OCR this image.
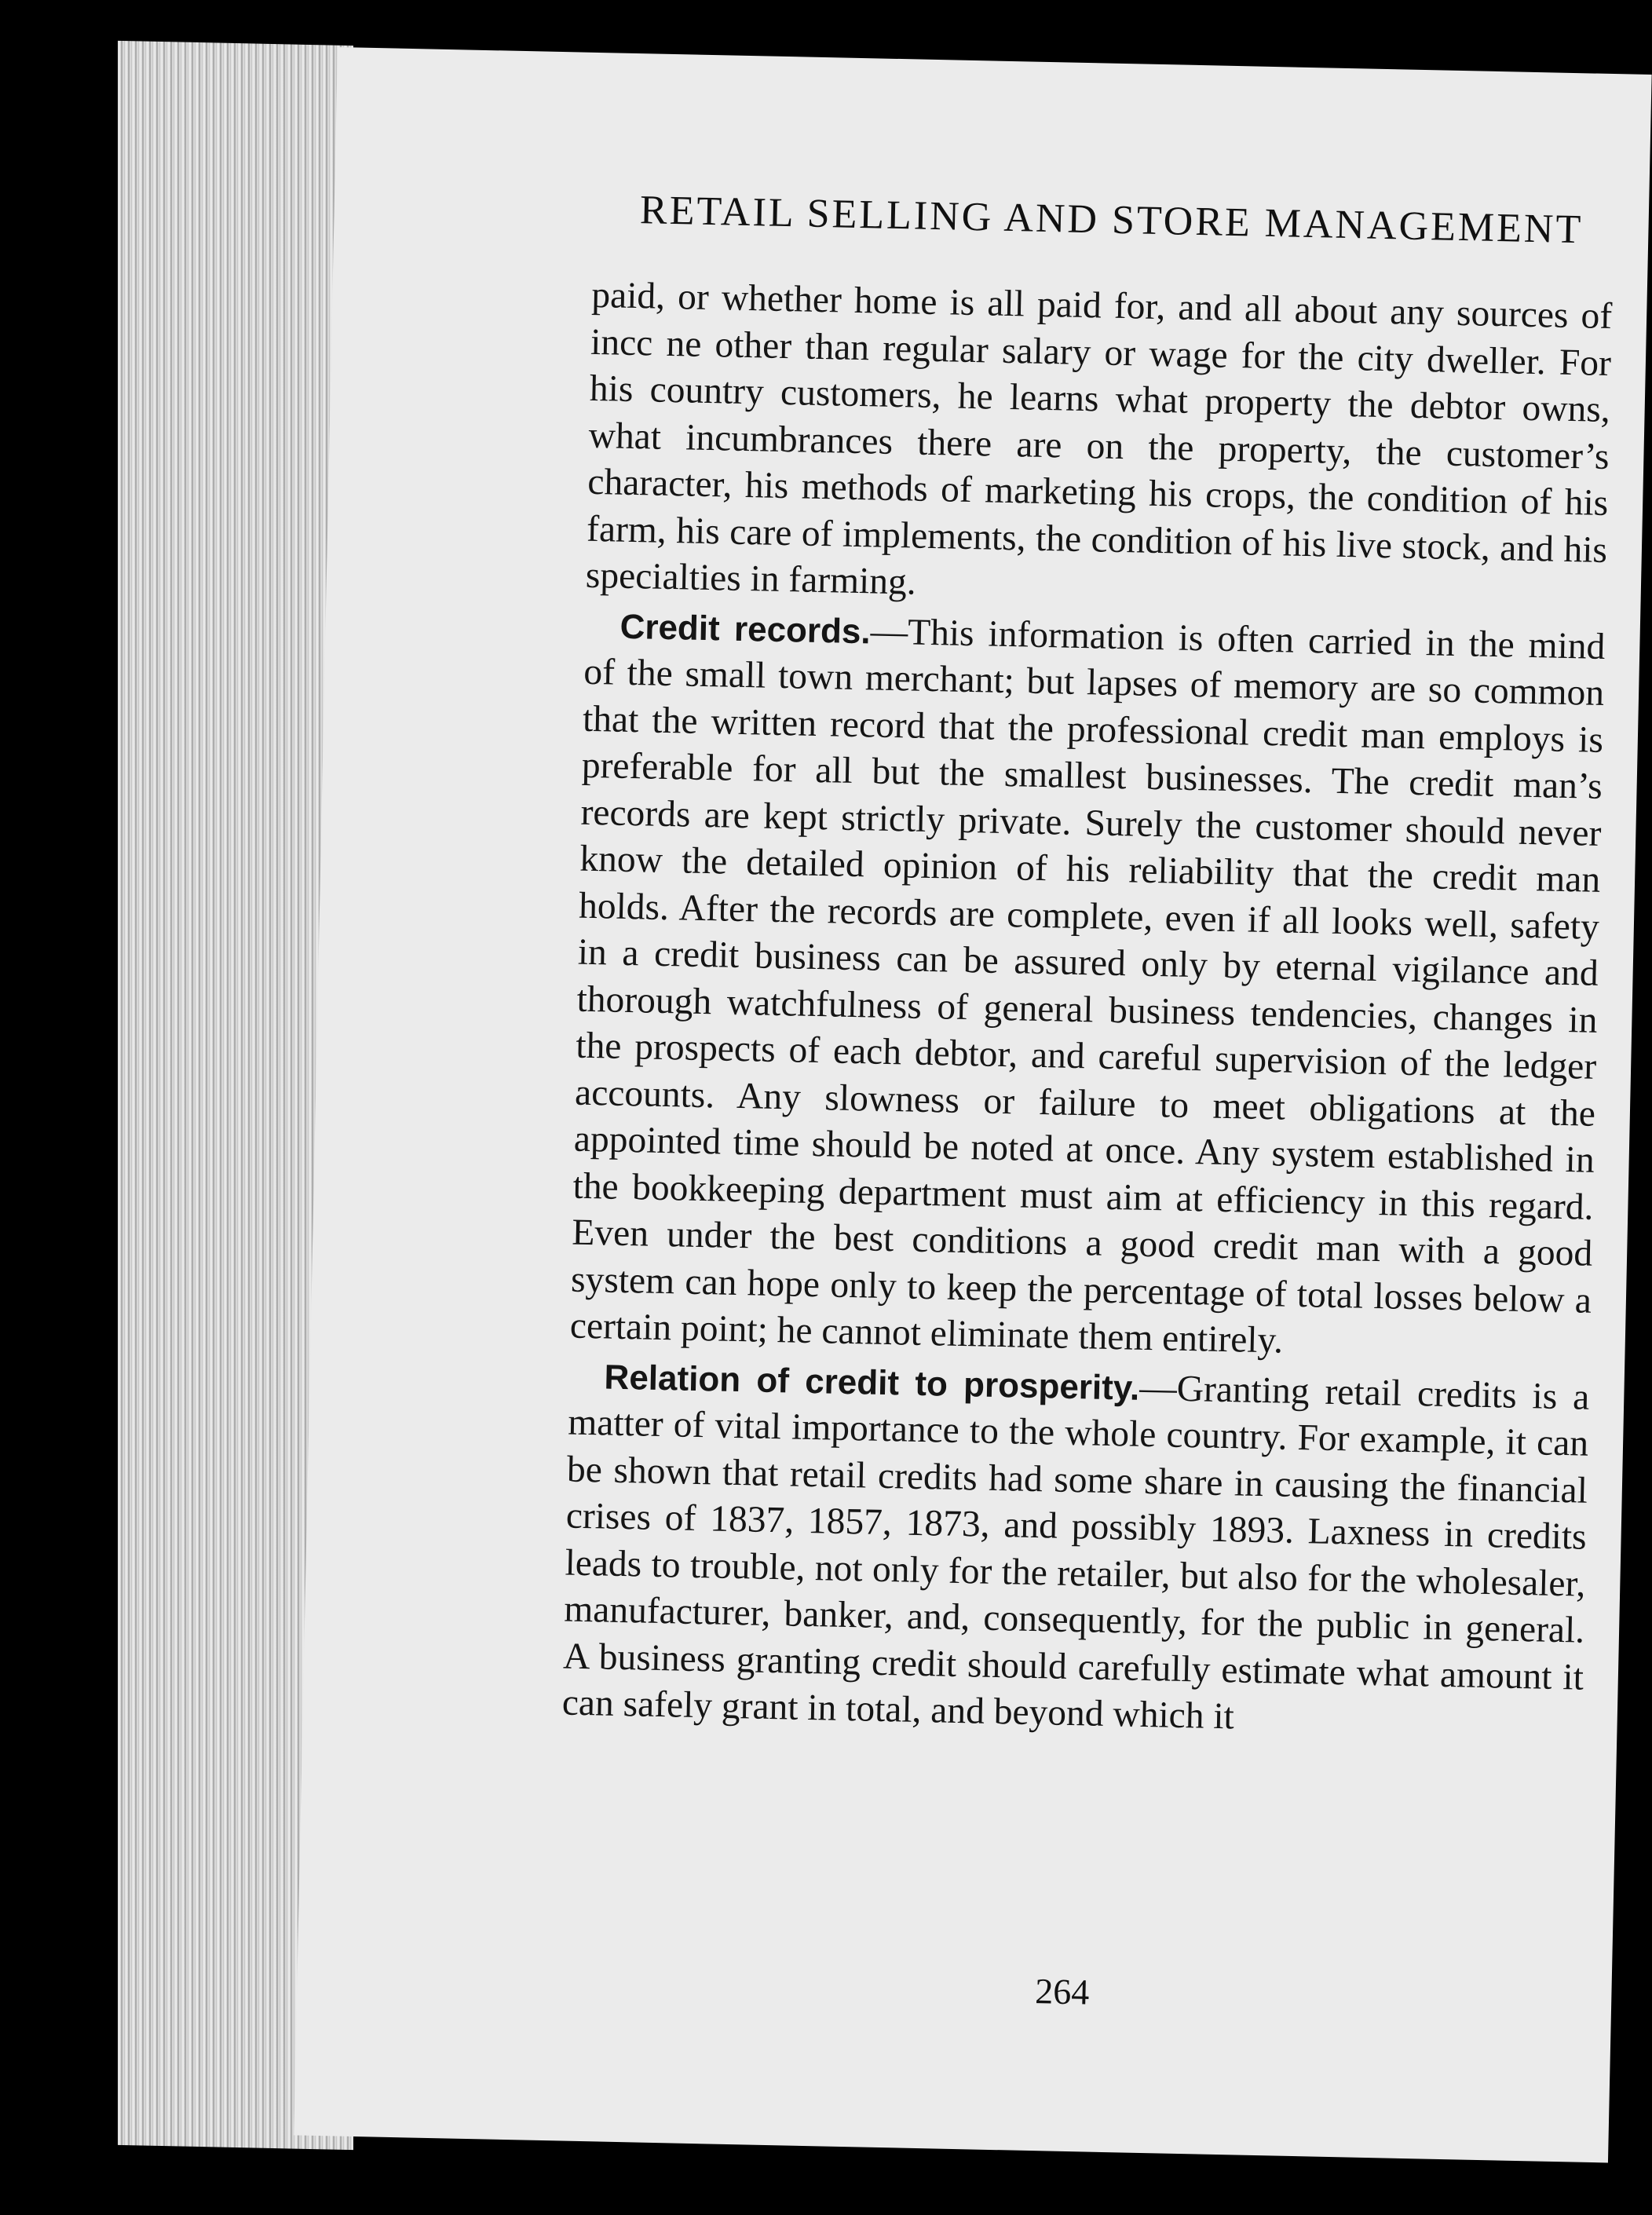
RETAIL SELLING AND STORE MANAGEMENT

paid, or whether home is all paid for, and all about any sources of incc ne other than regular salary or wage for the city dweller. For his country customers, he learns what property the debtor owns, what incumbrances there are on the property, the customer’s character, his methods of marketing his crops, the condition of his farm, his care of implements, the condition of his live stock, and his specialties in farming.

Credit records.—This information is often carried in the mind of the small town merchant; but lapses of memory are so common that the written record that the professional credit man employs is preferable for all but the smallest businesses. The credit man’s records are kept strictly private. Surely the customer should never know the detailed opinion of his reliability that the credit man holds. After the records are complete, even if all looks well, safety in a credit business can be assured only by eternal vigilance and thorough watchfulness of general business tendencies, changes in the prospects of each debtor, and careful supervision of the ledger accounts. Any slowness or failure to meet obligations at the appointed time should be noted at once. Any system established in the bookkeeping department must aim at efficiency in this regard. Even under the best conditions a good credit man with a good system can hope only to keep the percentage of total losses below a certain point; he cannot eliminate them entirely.

Relation of credit to prosperity.—Granting retail credits is a matter of vital importance to the whole country. For example, it can be shown that retail credits had some share in causing the financial crises of 1837, 1857, 1873, and possibly 1893. Laxness in credits leads to trouble, not only for the retailer, but also for the wholesaler, manufacturer, banker, and, consequently, for the public in general. A business granting credit should carefully estimate what amount it can safely grant in total, and beyond which it

264
